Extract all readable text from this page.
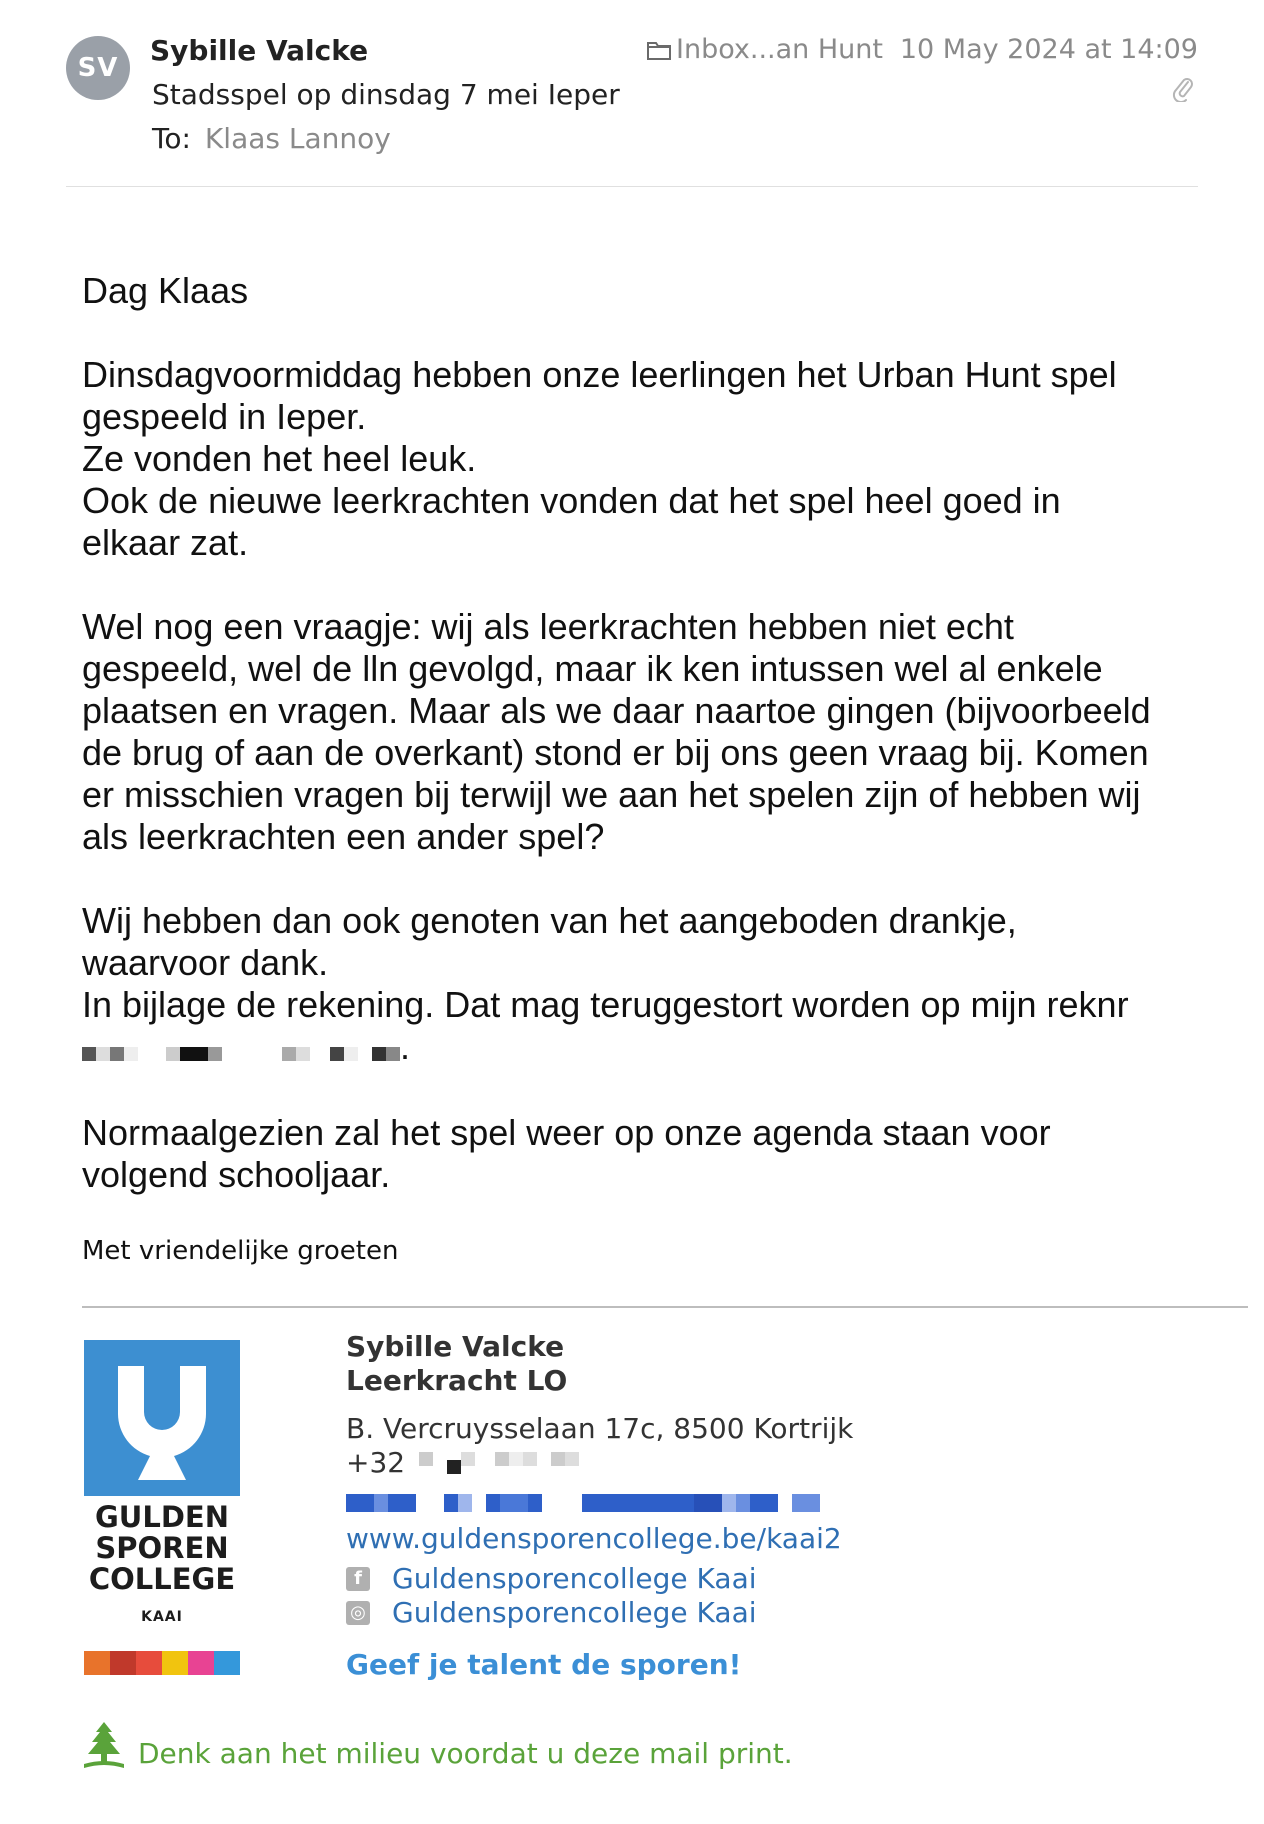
SV
Sybille Valcke
Stadsspel op dinsdag 7 mei Ieper
To: Klaas Lannoy
Inbox...an Hunt 10 May 2024 at 14:09

Dag Klaas

Dinsdagvoormiddag hebben onze leerlingen het Urban Hunt spel

gespeeld in Ieper.

Ze vonden het heel leuk.

Ook de nieuwe leerkrachten vonden dat het spel heel goed in

elkaar zat.

Wel nog een vraagje: wij als leerkrachten hebben niet echt

gespeeld, wel de lln gevolgd, maar ik ken intussen wel al enkele

plaatsen en vragen. Maar als we daar naartoe gingen (bijvoorbeeld

de brug of aan de overkant) stond er bij ons geen vraag bij. Komen

er misschien vragen bij terwijl we aan het spelen zijn of hebben wij

als leerkrachten een ander spel?

Wij hebben dan ook genoten van het aangeboden drankje,

waarvoor dank.

In bijlage de rekening. Dat mag teruggestort worden op mijn reknr

.

Normaalgezien zal het spel weer op onze agenda staan voor

volgend schooljaar.

Met vriendelijke groeten
GULDEN
SPOREN
COLLEGE
KAAI
Sybille Valcke
Leerkracht LO
B. Vercruysselaan 17c, 8500 Kortrijk
+32
www.guldensporencollege.be/kaai2
f Guldensporencollege Kaai
◎ Guldensporencollege Kaai
Geef je talent de sporen!
Denk aan het milieu voordat u deze mail print.
